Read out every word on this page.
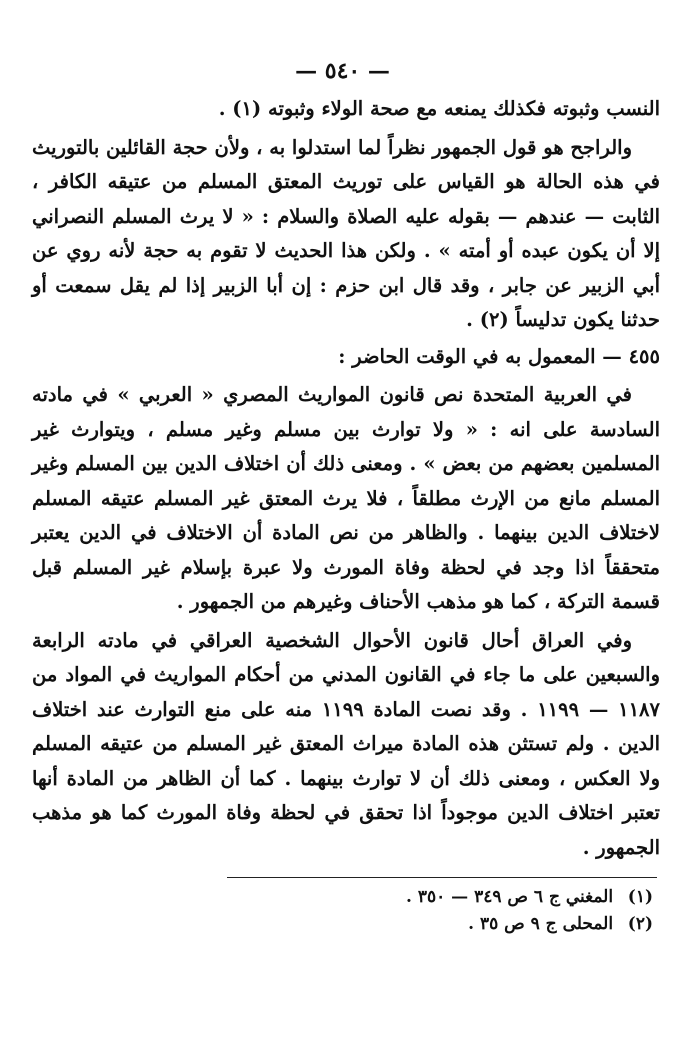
— ٥٤٠ —

النسب وثبوته فكذلك يمنعه مع صحة الولاء وثبوته (١) .

والراجح هو قول الجمهور نظراً لما استدلوا به ، ولأن حجة القائلين بالتوريث في هذه الحالة هو القياس على توريث المعتق المسلم من عتيقه الكافر ، الثابت — عندهم — بقوله عليه الصلاة والسلام : « لا يرث المسلم النصراني إلا أن يكون عبده أو أمته » . ولكن هذا الحديث لا تقوم به حجة لأنه روي عن أبي الزبير عن جابر ، وقد قال ابن حزم : إن أبا الزبير إذا لم يقل سمعت أو حدثنا يكون تدليساً (٢) .

٤٥٥ — المعمول به في الوقت الحاضر :

في العربية المتحدة نص قانون المواريث المصري « العربي » في مادته السادسة على انه : « ولا توارث بين مسلم وغير مسلم ، ويتوارث غير المسلمين بعضهم من بعض » . ومعنى ذلك أن اختلاف الدين بين المسلم وغير المسلم مانع من الإرث مطلقاً ، فلا يرث المعتق غير المسلم عتيقه المسلم لاختلاف الدين بينهما . والظاهر من نص المادة أن الاختلاف في الدين يعتبر متحققاً اذا وجد في لحظة وفاة المورث ولا عبرة بإسلام غير المسلم قبل قسمة التركة ، كما هو مذهب الأحناف وغيرهم من الجمهور .

وفي العراق أحال قانون الأحوال الشخصية العراقي في مادته الرابعة والسبعين على ما جاء في القانون المدني من أحكام المواريث في المواد من ١١٨٧ — ١١٩٩ . وقد نصت المادة ١١٩٩ منه على منع التوارث عند اختلاف الدين . ولم تستثن هذه المادة ميراث المعتق غير المسلم من عتيقه المسلم ولا العكس ، ومعنى ذلك أن لا توارث بينهما . كما أن الظاهر من المادة أنها تعتبر اختلاف الدين موجوداً اذا تحقق في لحظة وفاة المورث كما هو مذهب الجمهور .

(١) المغني ج ٦ ص ٣٤٩ — ٣٥٠ .

(٢) المحلى ج ٩ ص ٣٥ .
